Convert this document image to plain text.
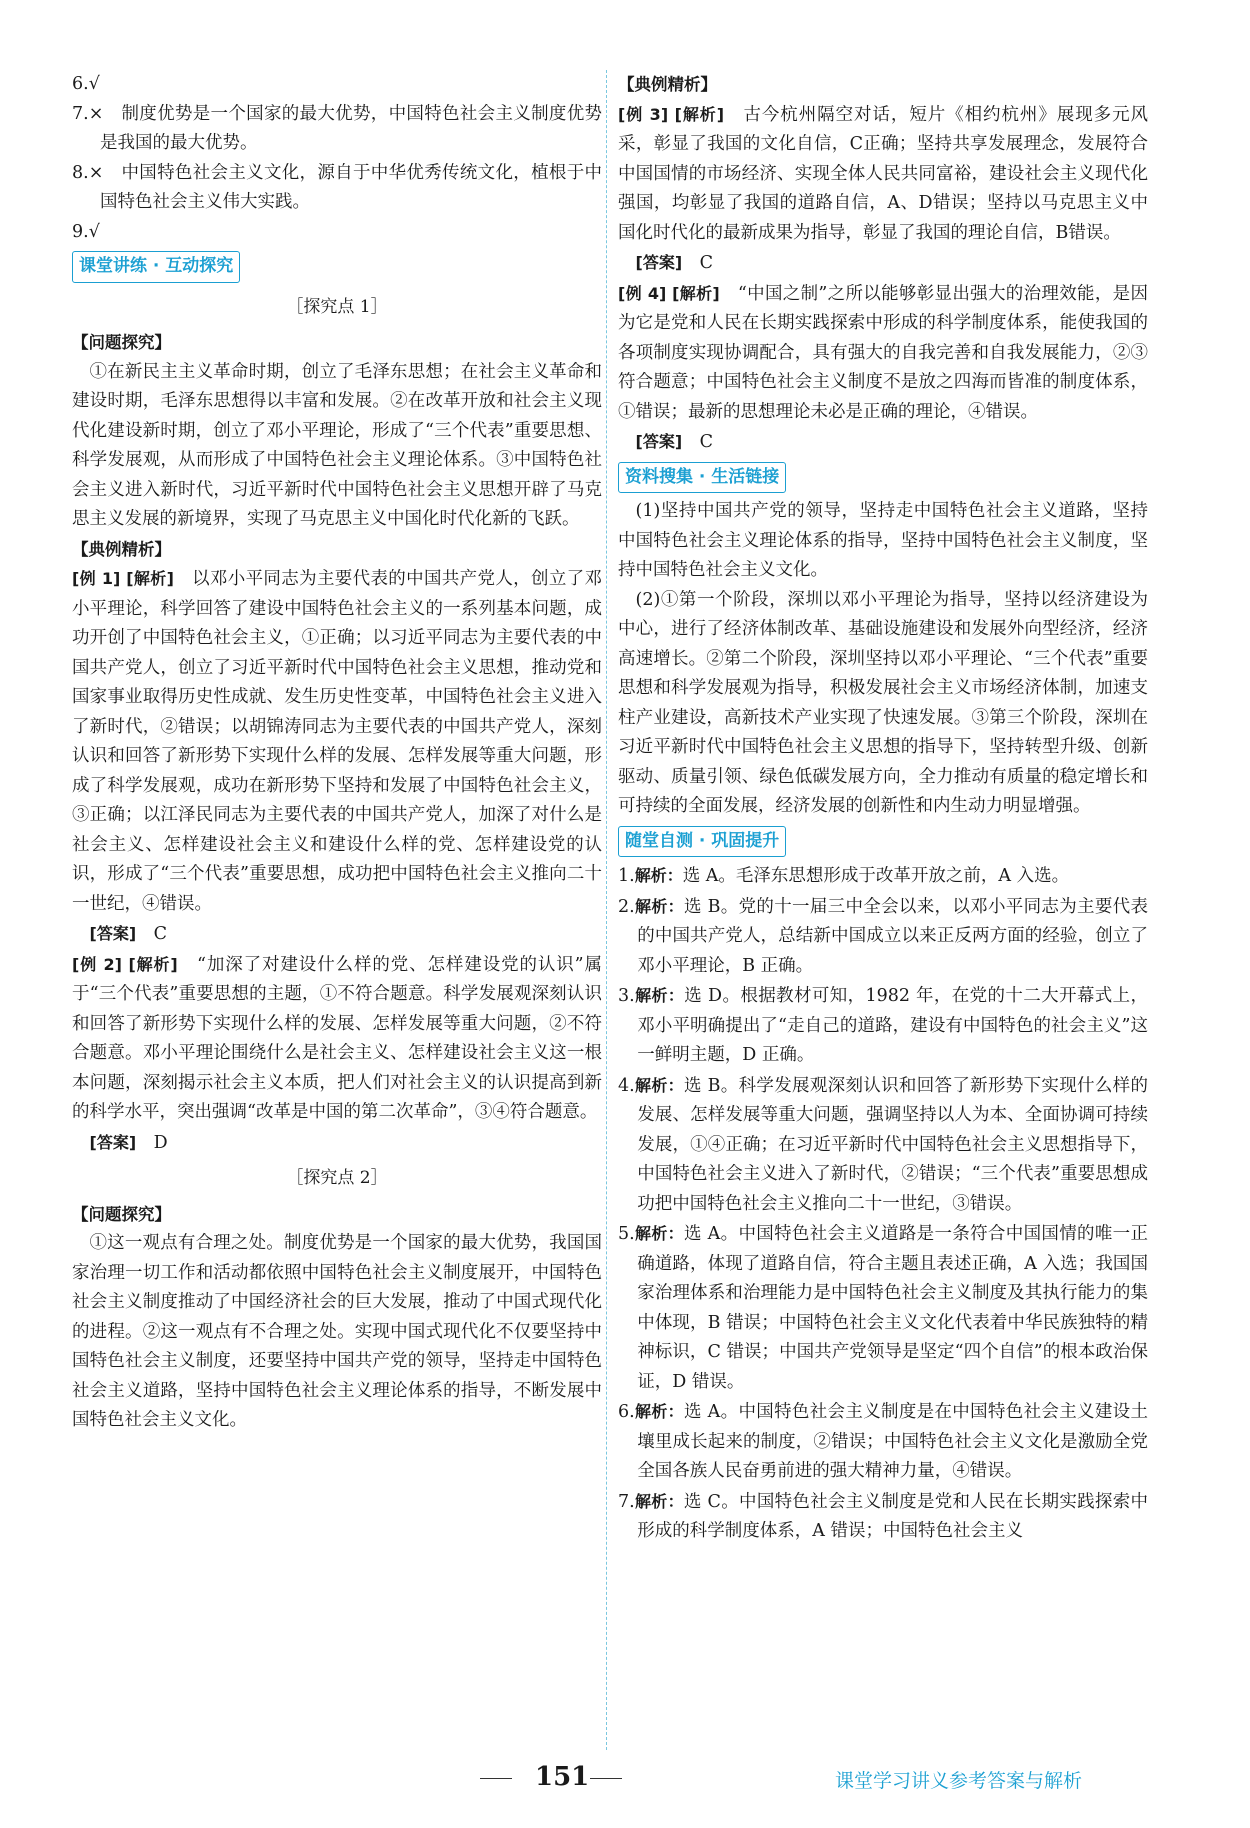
6.√

7.×　制度优势是一个国家的最大优势，中国特色社会主义制度优势是我国的最大优势。

8.×　中国特色社会主义文化，源自于中华优秀传统文化，植根于中国特色社会主义伟大实践。

9.√

课堂讲练 · 互动探究

［探究点 1］

【问题探究】

①在新民主主义革命时期，创立了毛泽东思想；在社会主义革命和建设时期，毛泽东思想得以丰富和发展。②在改革开放和社会主义现代化建设新时期，创立了邓小平理论，形成了“三个代表”重要思想、科学发展观，从而形成了中国特色社会主义理论体系。③中国特色社会主义进入新时代，习近平新时代中国特色社会主义思想开辟了马克思主义发展的新境界，实现了马克思主义中国化时代化新的飞跃。

【典例精析】

[例 1] [解析]　 以邓小平同志为主要代表的中国共产党人，创立了邓小平理论，科学回答了建设中国特色社会主义的一系列基本问题，成功开创了中国特色社会主义，①正确；以习近平同志为主要代表的中国共产党人，创立了习近平新时代中国特色社会主义思想，推动党和国家事业取得历史性成就、发生历史性变革，中国特色社会主义进入了新时代，②错误；以胡锦涛同志为主要代表的中国共产党人，深刻认识和回答了新形势下实现什么样的发展、怎样发展等重大问题，形成了科学发展观，成功在新形势下坚持和发展了中国特色社会主义，③正确；以江泽民同志为主要代表的中国共产党人，加深了对什么是社会主义、怎样建设社会主义和建设什么样的党、怎样建设党的认识，形成了“三个代表”重要思想，成功把中国特色社会主义推向二十一世纪，④错误。

[答案]　 C

[例 2] [解析]　 “加深了对建设什么样的党、怎样建设党的认识”属于“三个代表”重要思想的主题，①不符合题意。科学发展观深刻认识和回答了新形势下实现什么样的发展、怎样发展等重大问题，②不符合题意。邓小平理论围绕什么是社会主义、怎样建设社会主义这一根本问题，深刻揭示社会主义本质，把人们对社会主义的认识提高到新的科学水平，突出强调“改革是中国的第二次革命”，③④符合题意。

[答案]　 D

［探究点 2］

【问题探究】

①这一观点有合理之处。制度优势是一个国家的最大优势，我国国家治理一切工作和活动都依照中国特色社会主义制度展开，中国特色社会主义制度推动了中国经济社会的巨大发展，推动了中国式现代化的进程。②这一观点有不合理之处。实现中国式现代化不仅要坚持中国特色社会主义制度，还要坚持中国共产党的领导，坚持走中国特色社会主义道路，坚持中国特色社会主义理论体系的指导，不断发展中国特色社会主义文化。

【典例精析】

[例 3] [解析]　 古今杭州隔空对话，短片《相约杭州》展现多元风采，彰显了我国的文化自信，C正确；坚持共享发展理念，发展符合中国国情的市场经济、实现全体人民共同富裕，建设社会主义现代化强国，均彰显了我国的道路自信，A、D错误；坚持以马克思主义中国化时代化的最新成果为指导，彰显了我国的理论自信，B错误。

[答案]　 C

[例 4] [解析]　 “中国之制”之所以能够彰显出强大的治理效能，是因为它是党和人民在长期实践探索中形成的科学制度体系，能使我国的各项制度实现协调配合，具有强大的自我完善和自我发展能力，②③符合题意；中国特色社会主义制度不是放之四海而皆准的制度体系，①错误；最新的思想理论未必是正确的理论，④错误。

[答案]　 C

资料搜集 · 生活链接

(1)坚持中国共产党的领导，坚持走中国特色社会主义道路，坚持中国特色社会主义理论体系的指导，坚持中国特色社会主义制度，坚持中国特色社会主义文化。

(2)①第一个阶段，深圳以邓小平理论为指导，坚持以经济建设为中心，进行了经济体制改革、基础设施建设和发展外向型经济，经济高速增长。②第二个阶段，深圳坚持以邓小平理论、“三个代表”重要思想和科学发展观为指导，积极发展社会主义市场经济体制，加速支柱产业建设，高新技术产业实现了快速发展。③第三个阶段，深圳在习近平新时代中国特色社会主义思想的指导下，坚持转型升级、创新驱动、质量引领、绿色低碳发展方向，全力推动有质量的稳定增长和可持续的全面发展，经济发展的创新性和内生动力明显增强。

随堂自测 · 巩固提升

1.解析：选 A。毛泽东思想形成于改革开放之前，A 入选。

2.解析：选 B。党的十一届三中全会以来，以邓小平同志为主要代表的中国共产党人，总结新中国成立以来正反两方面的经验，创立了邓小平理论，B 正确。

3.解析：选 D。根据教材可知，1982 年，在党的十二大开幕式上，邓小平明确提出了“走自己的道路，建设有中国特色的社会主义”这一鲜明主题，D 正确。

4.解析：选 B。科学发展观深刻认识和回答了新形势下实现什么样的发展、怎样发展等重大问题，强调坚持以人为本、全面协调可持续发展，①④正确；在习近平新时代中国特色社会主义思想指导下，中国特色社会主义进入了新时代，②错误；“三个代表”重要思想成功把中国特色社会主义推向二十一世纪，③错误。

5.解析：选 A。中国特色社会主义道路是一条符合中国国情的唯一正确道路，体现了道路自信，符合主题且表述正确，A 入选；我国国家治理体系和治理能力是中国特色社会主义制度及其执行能力的集中体现，B 错误；中国特色社会主义文化代表着中华民族独特的精神标识，C 错误；中国共产党领导是坚定“四个自信”的根本政治保证，D 错误。

6.解析：选 A。中国特色社会主义制度是在中国特色社会主义建设土壤里成长起来的制度，②错误；中国特色社会主义文化是激励全党全国各族人民奋勇前进的强大精神力量，④错误。

7.解析：选 C。中国特色社会主义制度是党和人民在长期实践探索中形成的科学制度体系，A 错误；中国特色社会主义

151	课堂学习讲义参考答案与解析
